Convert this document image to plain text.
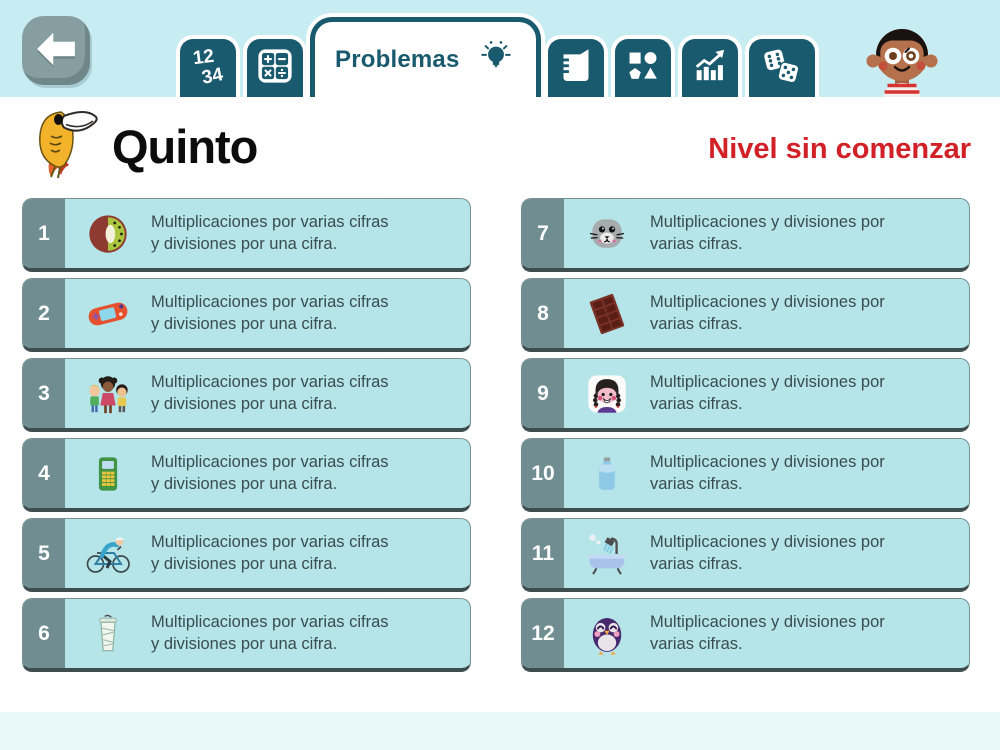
12
34
Problemas
Quinto	Nivel sin comenzar
1	Multiplicaciones por varias cifras
y divisiones por una cifra.
2	Multiplicaciones por varias cifras
y divisiones por una cifra.
3	Multiplicaciones por varias cifras
y divisiones por una cifra.
4	Multiplicaciones por varias cifras
y divisiones por una cifra.
5	Multiplicaciones por varias cifras
y divisiones por una cifra.
6	Multiplicaciones por varias cifras
y divisiones por una cifra.
7	Multiplicaciones y divisiones por
varias cifras.
8	Multiplicaciones y divisiones por
varias cifras.
9	Multiplicaciones y divisiones por
varias cifras.
10	Multiplicaciones y divisiones por
varias cifras.
11	Multiplicaciones y divisiones por
varias cifras.
12	Multiplicaciones y divisiones por
varias cifras.
